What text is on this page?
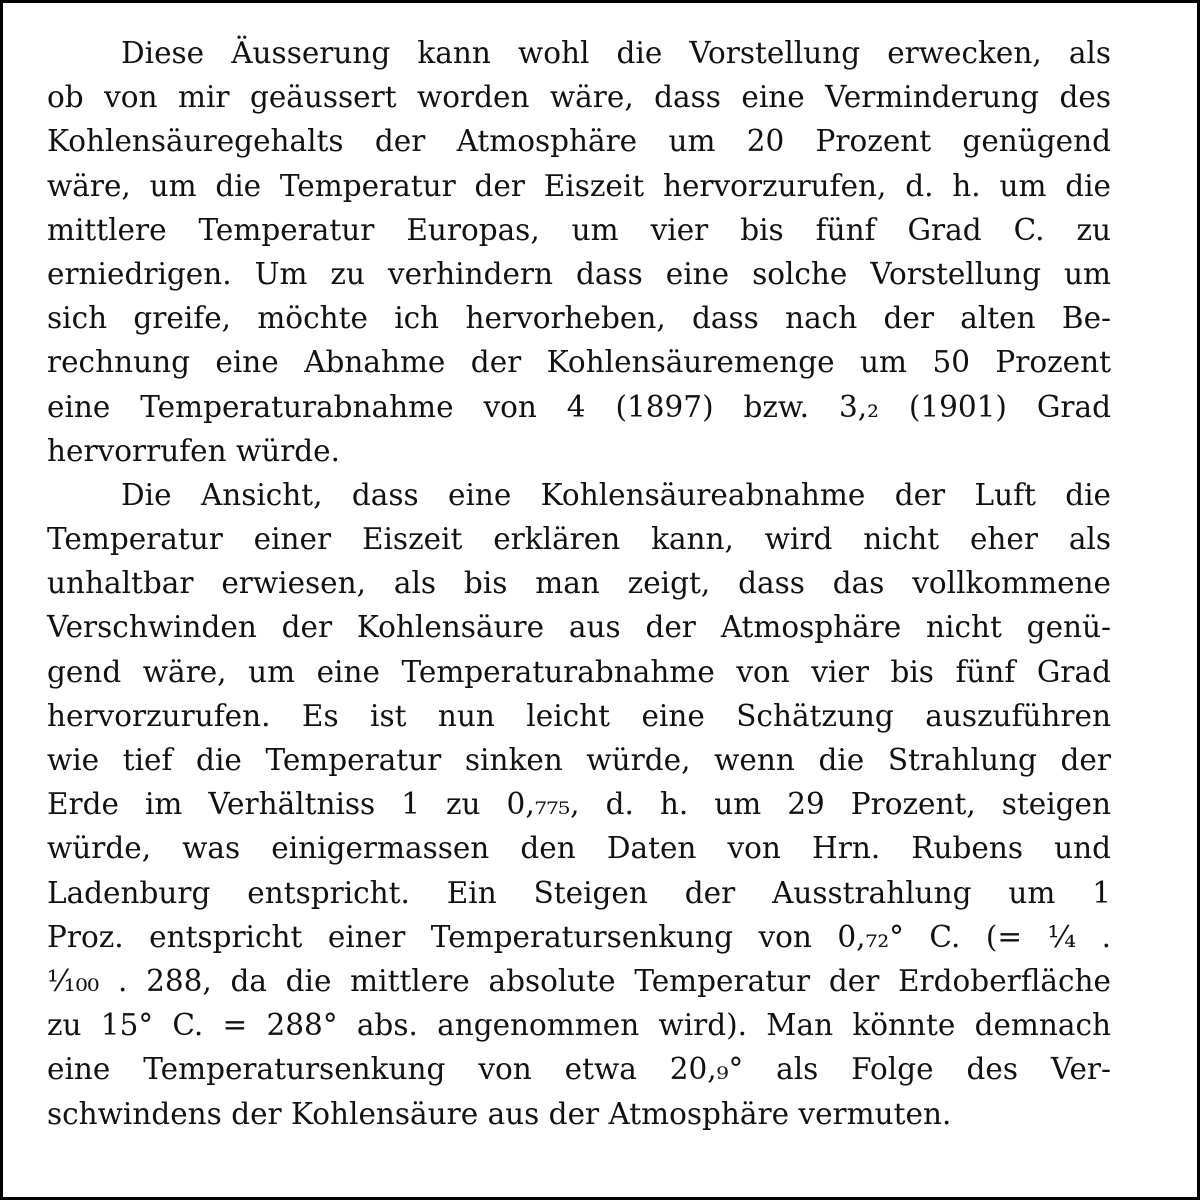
Diese Äusserung kann wohl die Vorstellung erwecken, als
ob von mir geäussert worden wäre, dass eine Verminderung des
Kohlensäuregehalts der Atmosphäre um 20 Prozent genügend
wäre, um die Temperatur der Eiszeit hervorzurufen, d. h. um die
mittlere Temperatur Europas, um vier bis fünf Grad C. zu
erniedrigen. Um zu verhindern dass eine solche Vorstellung um
sich greife, möchte ich hervorheben, dass nach der alten Be-
rechnung eine Abnahme der Kohlensäuremenge um 50 Prozent
eine Temperaturabnahme von 4 (1897) bzw. 3,₂ (1901) Grad
hervorrufen würde.
Die Ansicht, dass eine Kohlensäureabnahme der Luft die
Temperatur einer Eiszeit erklären kann, wird nicht eher als
unhaltbar erwiesen, als bis man zeigt, dass das vollkommene
Verschwinden der Kohlensäure aus der Atmosphäre nicht genü-
gend wäre, um eine Temperaturabnahme von vier bis fünf Grad
hervorzurufen. Es ist nun leicht eine Schätzung auszuführen
wie tief die Temperatur sinken würde, wenn die Strahlung der
Erde im Verhältniss 1 zu 0,₇₇₅, d. h. um 29 Prozent, steigen
würde, was einigermassen den Daten von Hrn. Rubens und
Ladenburg entspricht. Ein Steigen der Ausstrahlung um 1
Proz. entspricht einer Temperatursenkung von 0,₇₂° C. (= ¼ .
¹⁄₁₀₀ . 288, da die mittlere absolute Temperatur der Erdoberfläche
zu 15° C. = 288° abs. angenommen wird). Man könnte demnach
eine Temperatursenkung von etwa 20,₉° als Folge des Ver-
schwindens der Kohlensäure aus der Atmosphäre vermuten.
